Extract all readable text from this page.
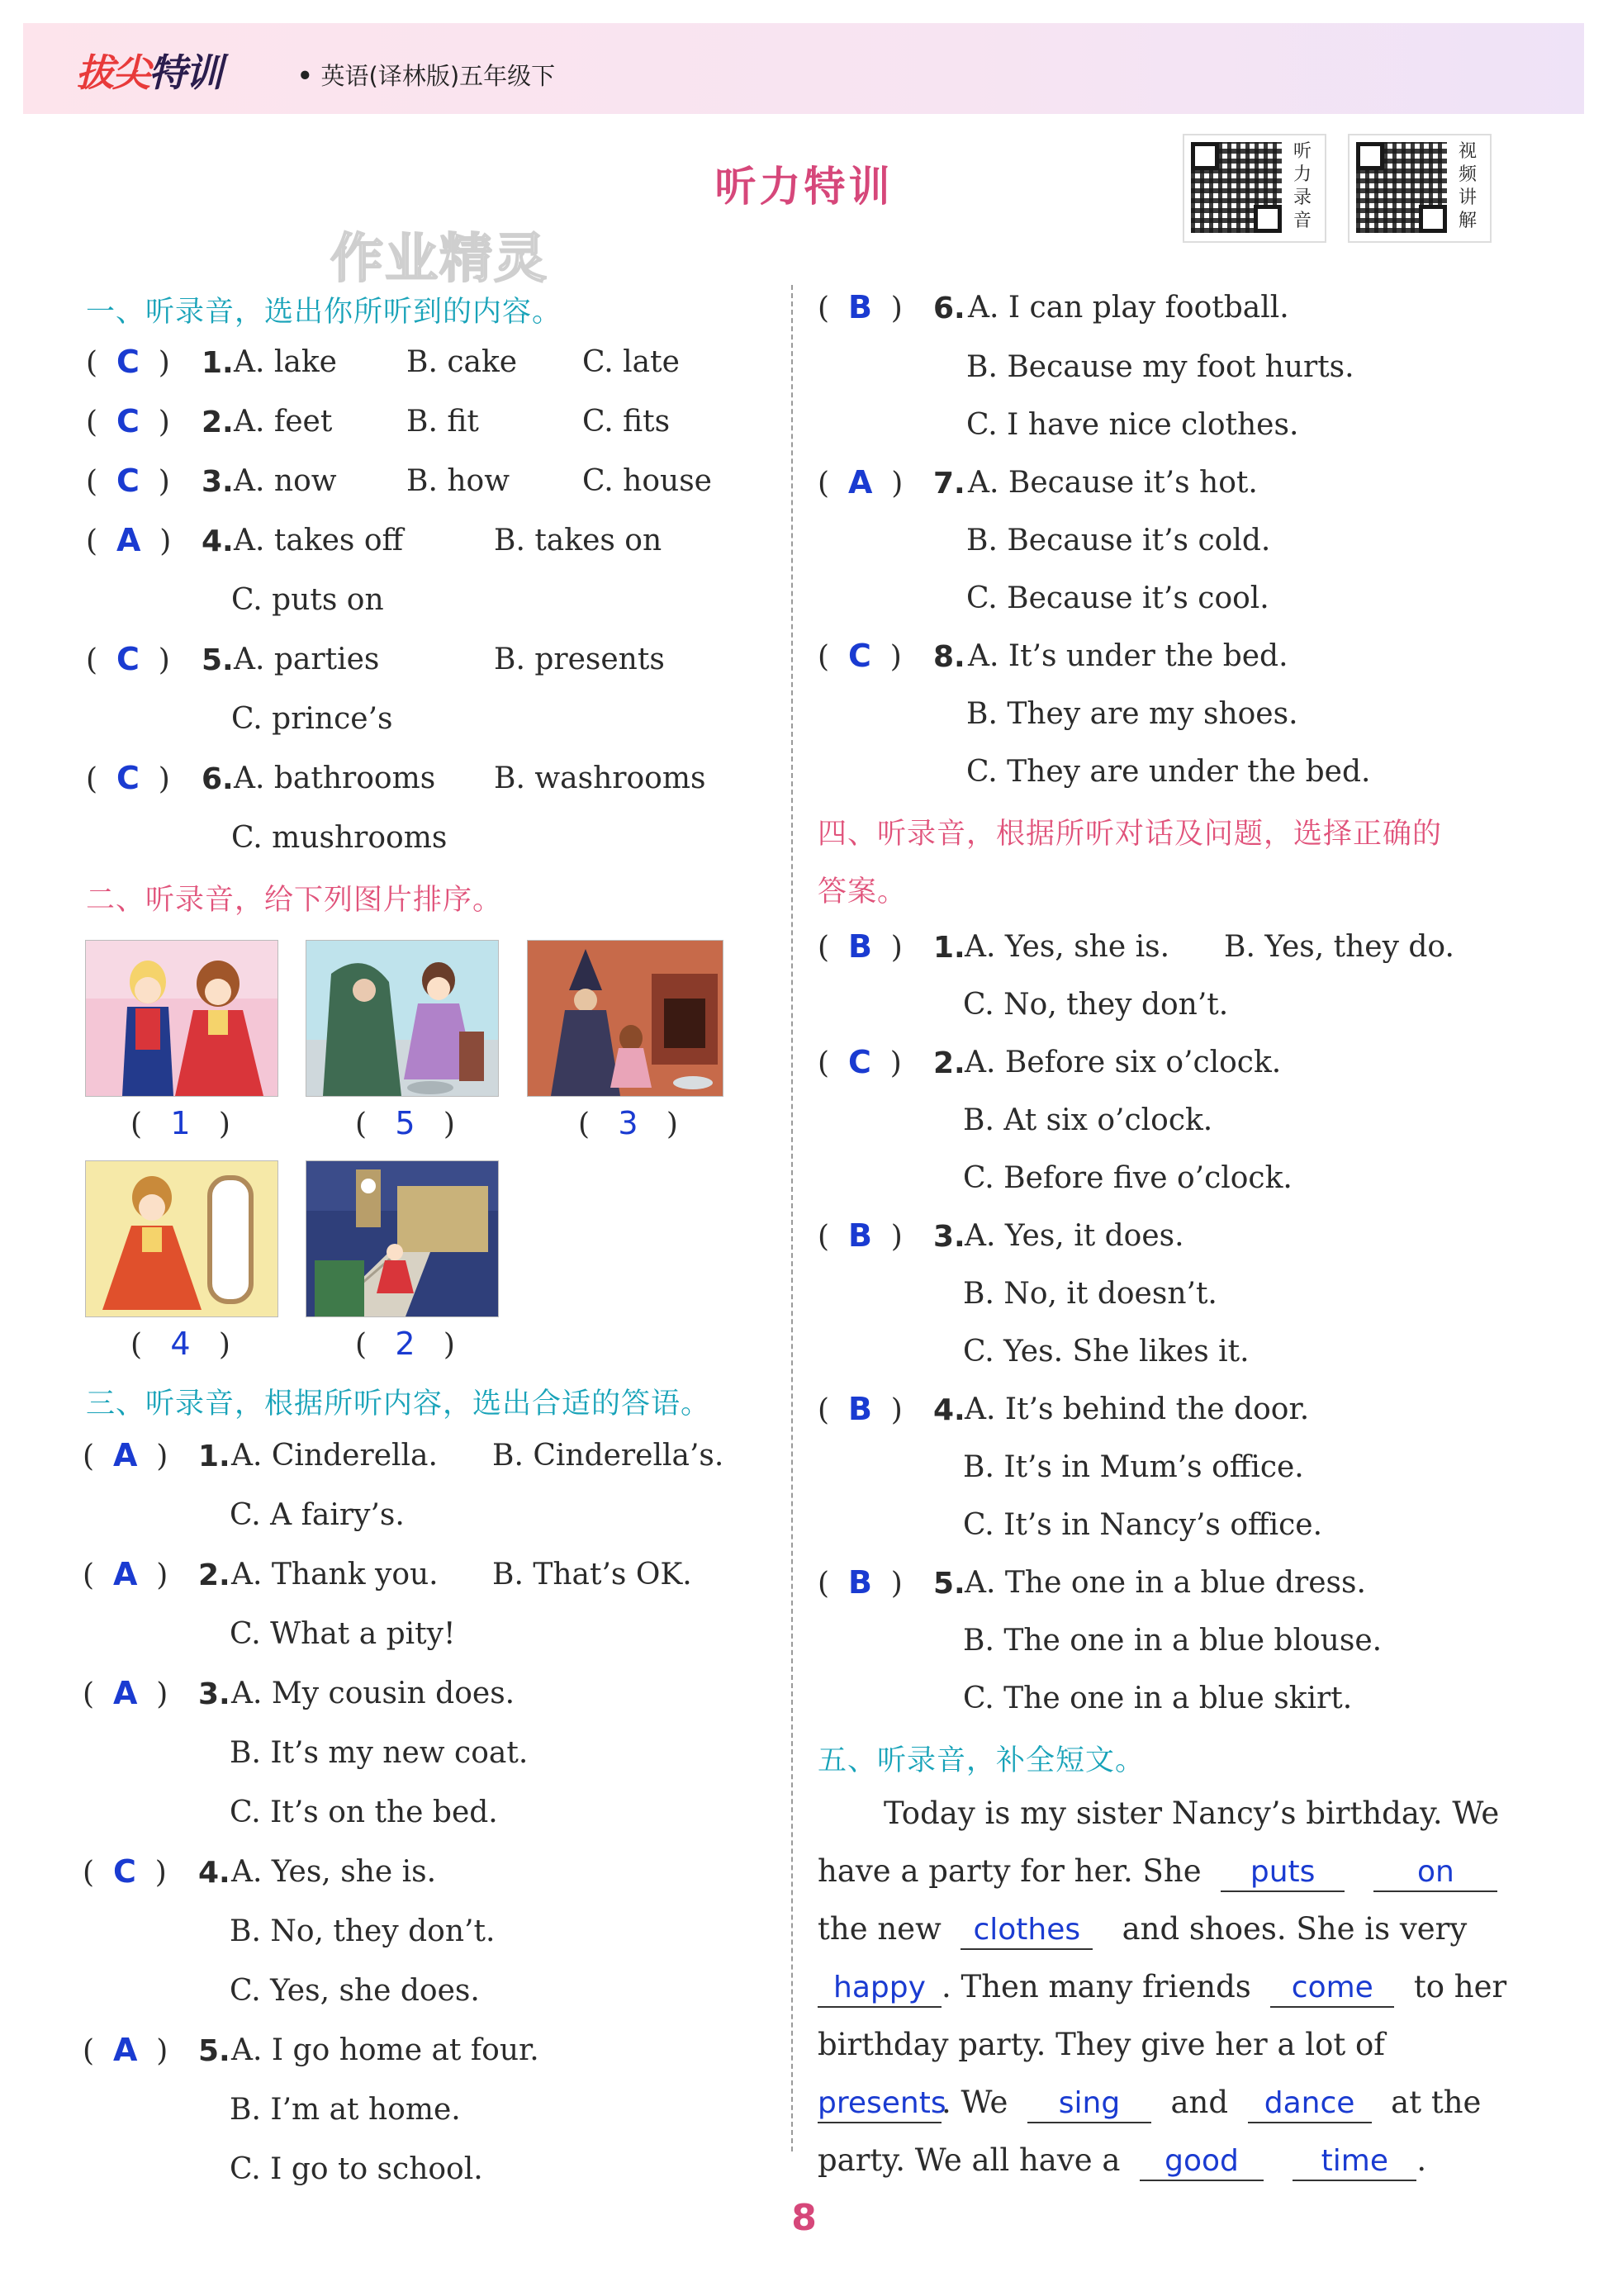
拔尖特训	• 英语(译林版)五年级下
听力特训
听力录音
视频讲解
作业精灵
一、听录音，选出你所听到的内容。
(  C  ) 1. A. lake B. cake C. late
(  C  ) 2. A. feet B. fit	C. fits
(  C  ) 3. A. now B. how C. house
(  A  ) 4. A. takes off	B. takes on
C. puts on
(  C  ) 5. A. parties	B. presents
C. prince’s
(  C  ) 6. A. bathrooms B. washrooms
C. mushrooms
二、听录音，给下列图片排序。
(   1   )	(   5   )	(   3   )
(   4   )	(   2   )
三、听录音，根据所听内容，选出合适的答语。
(  A  ) 1. A. Cinderella. B. Cinderella’s.
C. A fairy’s.
(  A  ) 2. A. Thank you. B. That’s OK.
C. What a pity!
(  A  ) 3. A. My cousin does.
B. It’s my new coat.
C. It’s on the bed.
(  C  ) 4. A. Yes, she is.
B. No, they don’t.
C. Yes, she does.
(  A  ) 5. A. I go home at four.
B. I’m at home.
C. I go to school.
(  B  ) 6. A. I can play football.
B. Because my foot hurts.
C. I have nice clothes.
(  A  ) 7. A. Because it’s hot.
B. Because it’s cold.
C. Because it’s cool.
(  C  ) 8. A. It’s under the bed.
B. They are my shoes.
C. They are under the bed.
四、听录音，根据所听对话及问题，选择正确的
答案。
(  B  ) 1. A. Yes, she is. B. Yes, they do.
C. No, they don’t.
(  C  ) 2. A. Before six o’clock.
B. At six o’clock.
C. Before five o’clock.
(  B  ) 3. A. Yes, it does.
B. No, it doesn’t.
C. Yes. She likes it.
(  B  ) 4. A. It’s behind the door.
B. It’s in Mum’s office.
C. It’s in Nancy’s office.
(  B  ) 5. A. The one in a blue dress.
B. The one in a blue blouse.
C. The one in a blue skirt.
五、听录音，补全短文。
Today is my sister Nancy’s birthday. We
have a party for her. She puts	on
the new clothes and shoes. She is very
happy . Then many friends come to her
birthday party. They give her a lot of
presents. We sing and dance at the
party. We all have a good	time .
8
